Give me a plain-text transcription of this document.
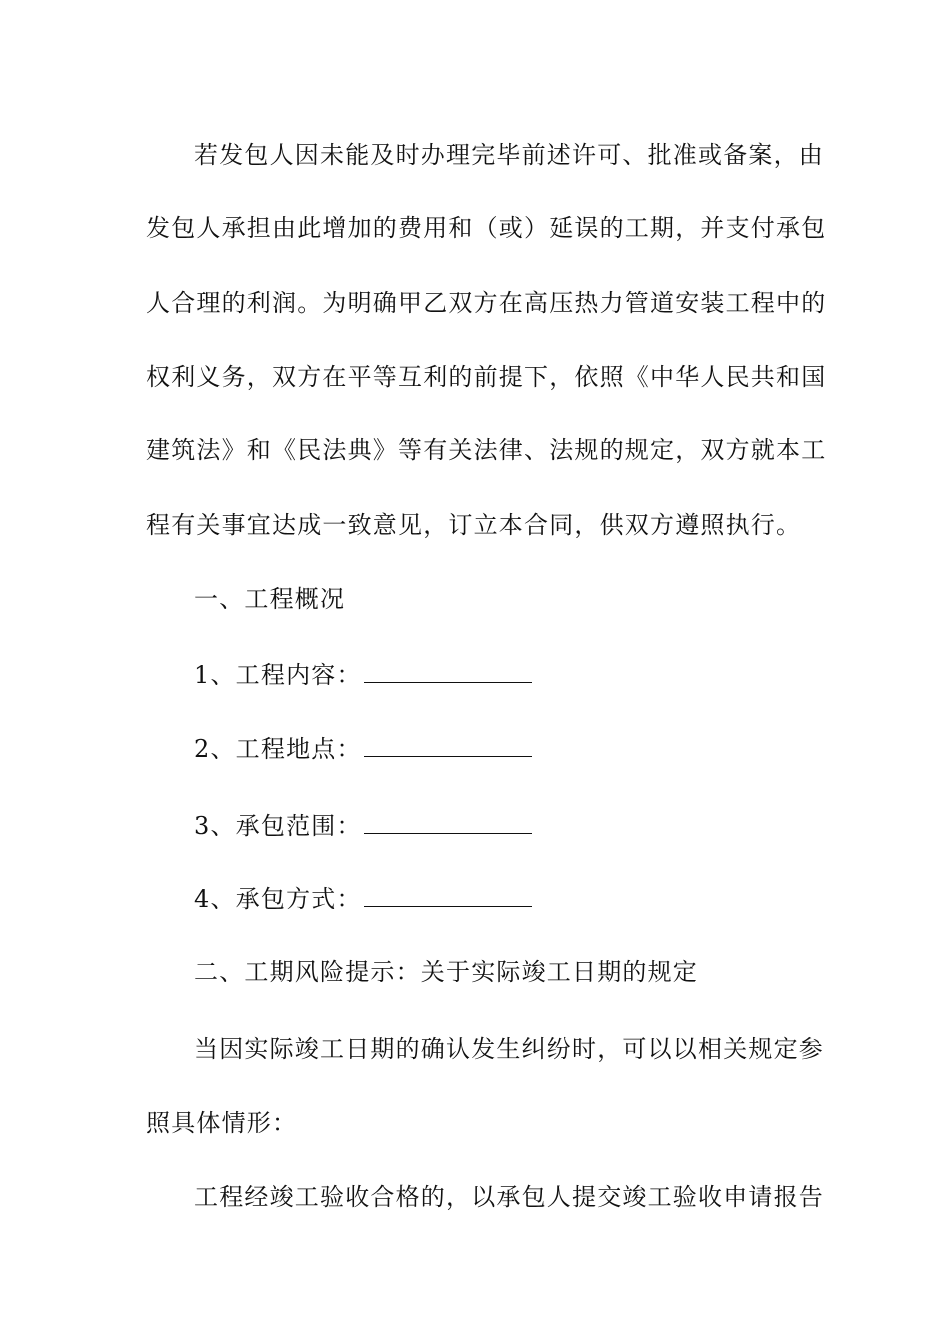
若发包人因未能及时办理完毕前述许可、批准或备案，由
发包人承担由此增加的费用和（或）延误的工期，并支付承包
人合理的利润。为明确甲乙双方在高压热力管道安装工程中的
权利义务，双方在平等互利的前提下，依照《中华人民共和国
建筑法》和《民法典》等有关法律、法规的规定，双方就本工
程有关事宜达成一致意见，订立本合同，供双方遵照执行。
一、工程概况
1、工程内容：
2、工程地点：
3、承包范围：
4、承包方式：
二、工期风险提示：关于实际竣工日期的规定
当因实际竣工日期的确认发生纠纷时，可以以相关规定参
照具体情形：
工程经竣工验收合格的，以承包人提交竣工验收申请报告
